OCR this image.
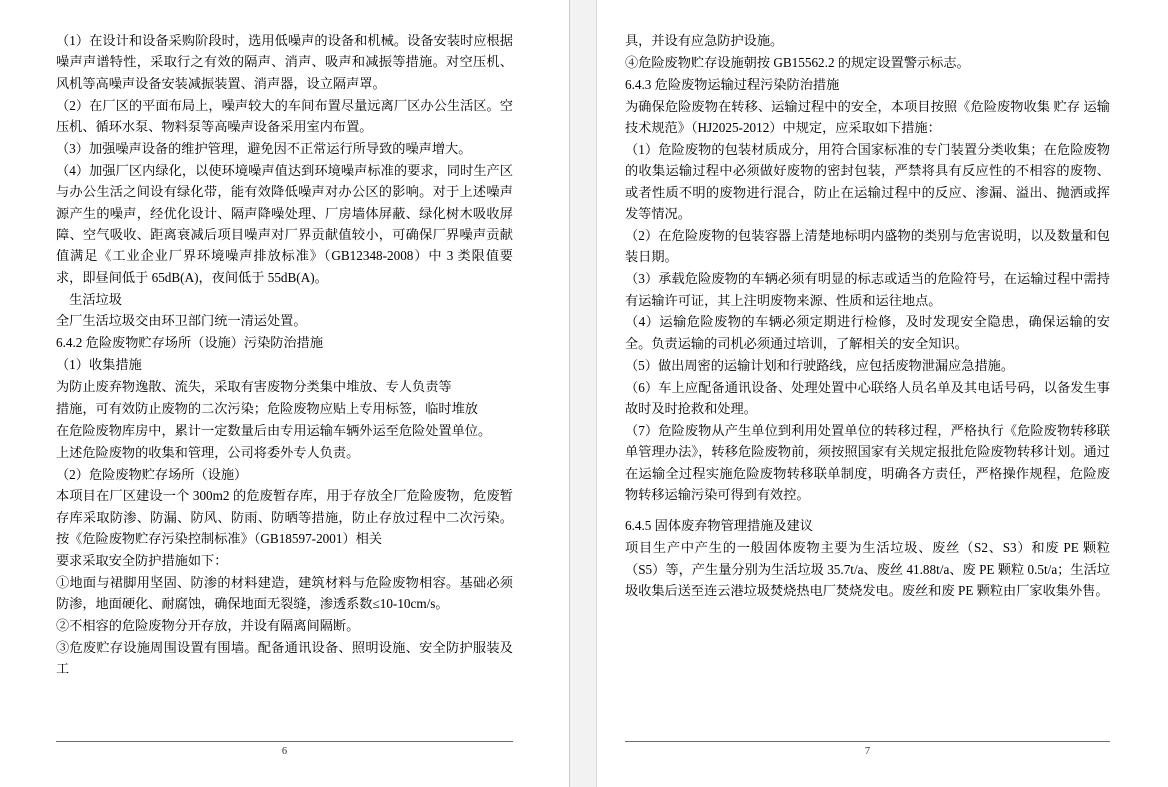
（1）在设计和设备采购阶段时，选用低噪声的设备和机械。设备安装时应根据噪声声谱特性，采取行之有效的隔声、消声、吸声和减振等措施。对空压机、风机等高噪声设备安装减振装置、消声器，设立隔声罩。

（2）在厂区的平面布局上，噪声较大的车间布置尽量远离厂区办公生活区。空压机、循环水泵、物料泵等高噪声设备采用室内布置。

（3）加强噪声设备的维护管理，避免因不正常运行所导致的噪声增大。

（4）加强厂区内绿化，以使环境噪声值达到环境噪声标准的要求，同时生产区与办公生活之间设有绿化带，能有效降低噪声对办公区的影响。对于上述噪声源产生的噪声，经优化设计、隔声降噪处理、厂房墙体屏蔽、绿化树木吸收屏障、空气吸收、距离衰减后项目噪声对厂界贡献值较小，可确保厂界噪声贡献值满足《工业企业厂界环境噪声排放标准》（GB12348-2008）中 3 类限值要求，即昼间低于 65dB(A)，夜间低于 55dB(A)。

　生活垃圾

全厂生活垃圾交由环卫部门统一清运处置。

6.4.2 危险废物贮存场所（设施）污染防治措施

（1）收集措施

为防止废弃物逸散、流失，采取有害废物分类集中堆放、专人负责等

措施，可有效防止废物的二次污染；危险废物应贴上专用标签，临时堆放

在危险废物库房中，累计一定数量后由专用运输车辆外运至危险处置单位。

上述危险废物的收集和管理，公司将委外专人负责。

（2）危险废物贮存场所（设施）

本项目在厂区建设一个 300m2 的危废暂存库，用于存放全厂危险废物，危废暂存库采取防渗、防漏、防风、防雨、防晒等措施，防止存放过程中二次污染。按《危险废物贮存污染控制标准》（GB18597-2001）相关

要求采取安全防护措施如下：

①地面与裙脚用坚固、防渗的材料建造，建筑材料与危险废物相容。基础必须防渗，地面硬化、耐腐蚀，确保地面无裂缝，渗透系数≤10-10cm/s。

②不相容的危险废物分开存放，并设有隔离间隔断。

③危废贮存设施周围设置有围墙。配备通讯设备、照明设施、安全防护服装及工

6

具，并设有应急防护设施。

④危险废物贮存设施朝按 GB15562.2 的规定设置警示标志。

6.4.3 危险废物运输过程污染防治措施

为确保危险废物在转移、运输过程中的安全，本项目按照《危险废物收集 贮存 运输技术规范》（HJ2025-2012）中规定，应采取如下措施：

（1）危险废物的包装材质成分，用符合国家标准的专门装置分类收集；在危险废物的收集运输过程中必须做好废物的密封包装，严禁将具有反应性的不相容的废物、或者性质不明的废物进行混合，防止在运输过程中的反应、渗漏、溢出、抛洒或挥发等情况。

（2）在危险废物的包装容器上清楚地标明内盛物的类别与危害说明，以及数量和包装日期。

（3）承载危险废物的车辆必须有明显的标志或适当的危险符号，在运输过程中需持有运输许可证，其上注明废物来源、性质和运往地点。

（4）运输危险废物的车辆必须定期进行检修，及时发现安全隐患，确保运输的安全。负责运输的司机必须通过培训，了解相关的安全知识。

（5）做出周密的运输计划和行驶路线，应包括废物泄漏应急措施。

（6）车上应配备通讯设备、处理处置中心联络人员名单及其电话号码，以备发生事故时及时抢救和处理。

（7）危险废物从产生单位到利用处置单位的转移过程，严格执行《危险废物转移联单管理办法》，转移危险废物前，须按照国家有关规定报批危险废物转移计划。通过在运输全过程实施危险废物转移联单制度，明确各方责任，严格操作规程，危险废物转移运输污染可得到有效控。

6.4.5 固体废弃物管理措施及建议

项目生产中产生的一般固体废物主要为生活垃圾、废丝（S2、S3）和废 PE 颗粒（S5）等，产生量分别为生活垃圾 35.7t/a、废丝 41.88t/a、废 PE 颗粒 0.5t/a；生活垃圾收集后送至连云港垃圾焚烧热电厂焚烧发电。废丝和废 PE 颗粒由厂家收集外售。

7
